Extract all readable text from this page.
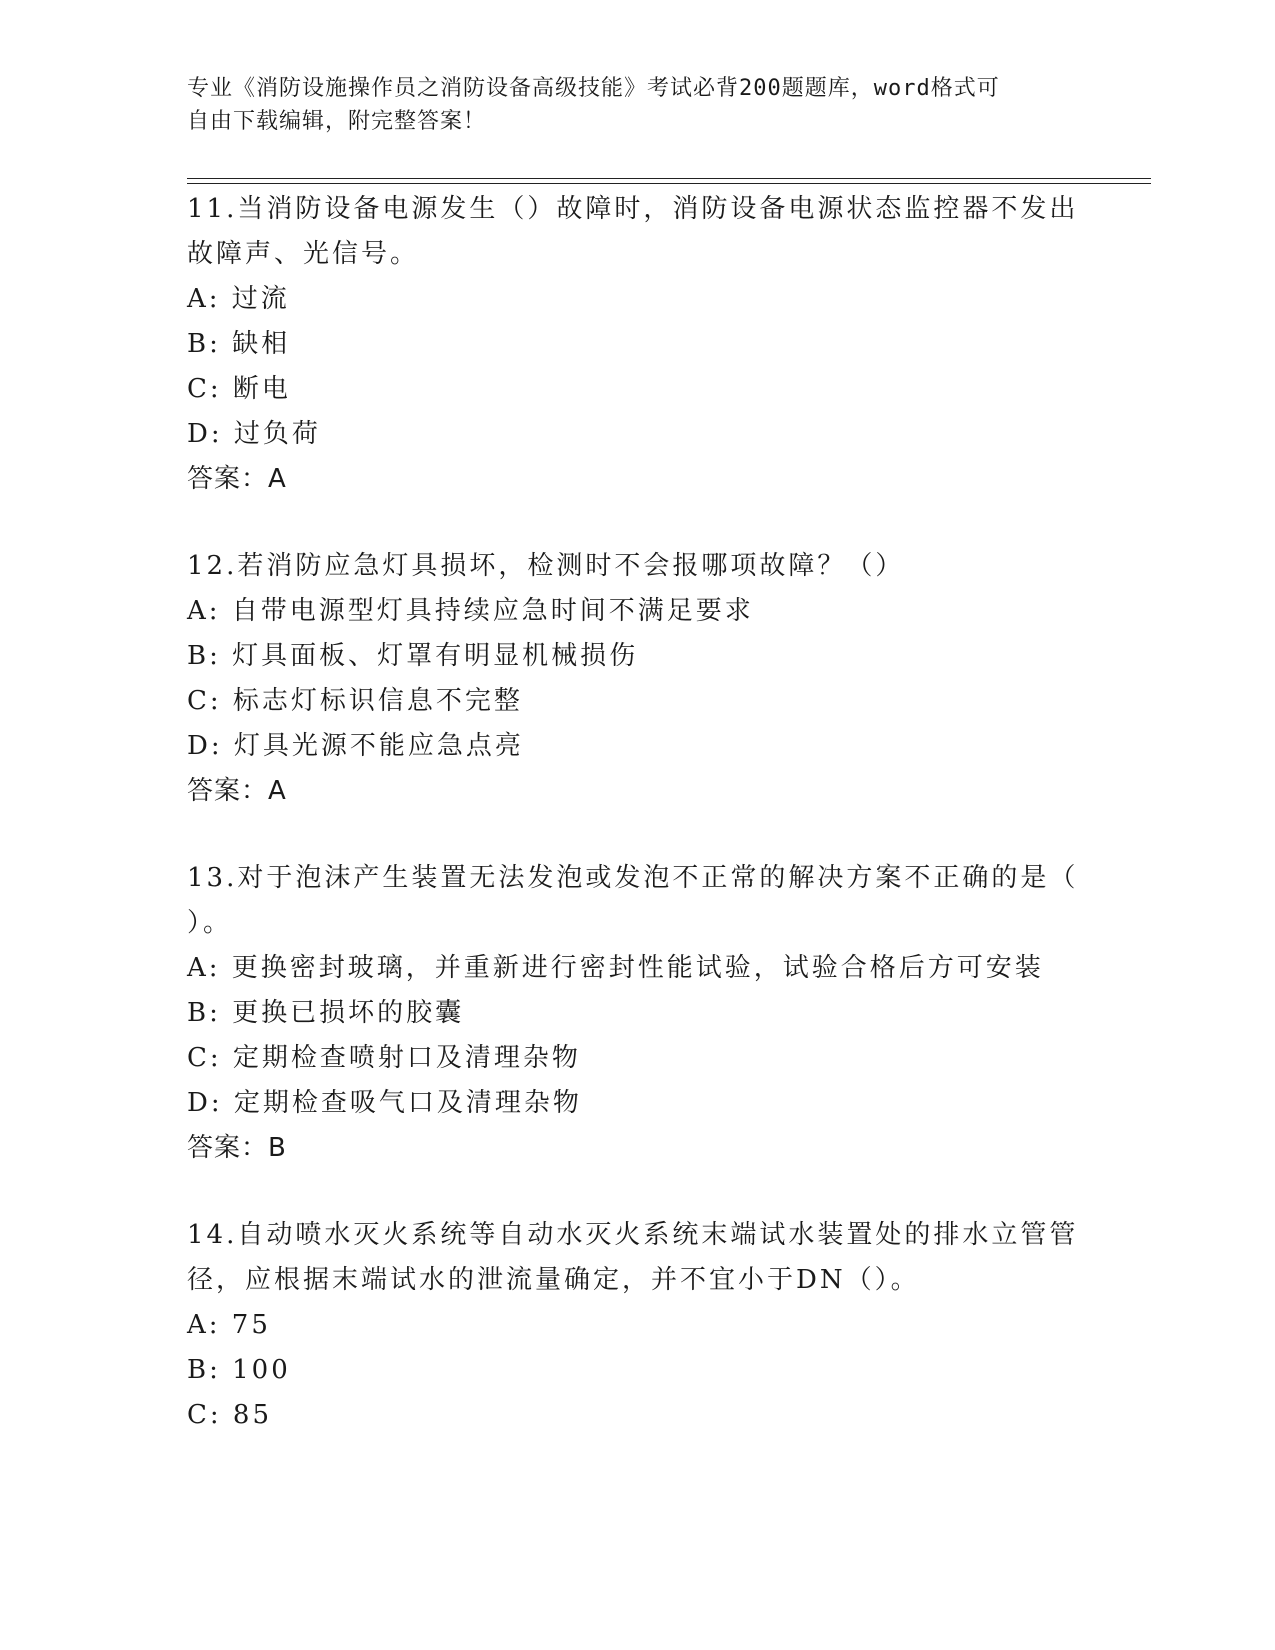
专业《消防设施操作员之消防设备高级技能》考试必背200题题库，word格式可
自由下载编辑，附完整答案！
11.当消防设备电源发生（）故障时，消防设备电源状态监控器不发出
故障声、光信号。
A: 过流
B: 缺相
C: 断电
D: 过负荷
答案：A
12.若消防应急灯具损坏，检测时不会报哪项故障？（）
A: 自带电源型灯具持续应急时间不满足要求
B: 灯具面板、灯罩有明显机械损伤
C: 标志灯标识信息不完整
D: 灯具光源不能应急点亮
答案：A
13.对于泡沫产生装置无法发泡或发泡不正常的解决方案不正确的是（
）。
A: 更换密封玻璃，并重新进行密封性能试验，试验合格后方可安装
B: 更换已损坏的胶囊
C: 定期检查喷射口及清理杂物
D: 定期检查吸气口及清理杂物
答案：B
14.自动喷水灭火系统等自动水灭火系统末端试水装置处的排水立管管
径，应根据末端试水的泄流量确定，并不宜小于DN（）。
A: 75
B: 100
C: 85
